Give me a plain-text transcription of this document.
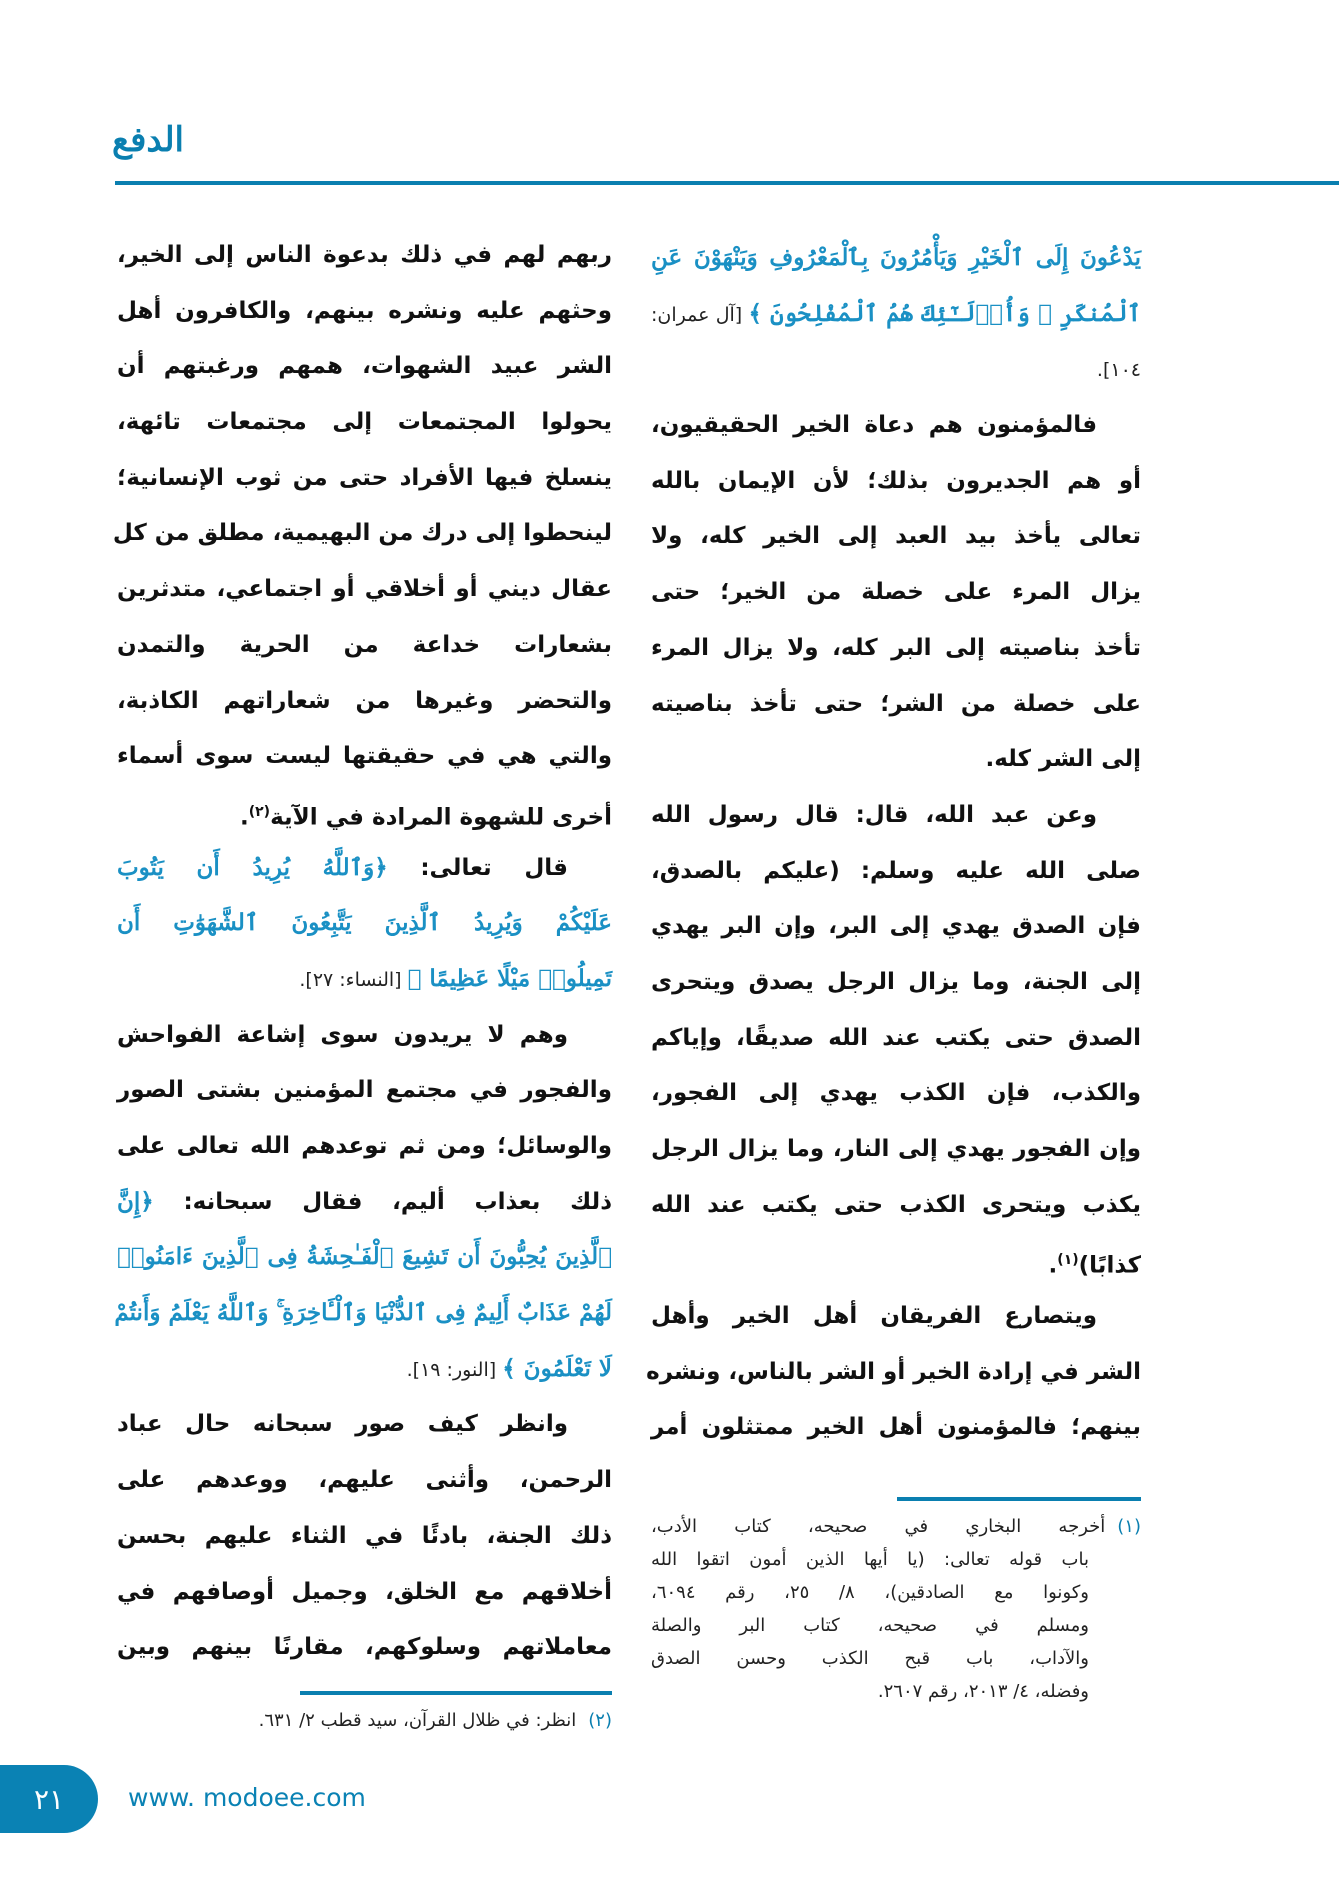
الدفع
يَدْعُونَ إِلَى ٱلْخَيْرِ وَيَأْمُرُونَ بِٱلْمَعْرُوفِ وَيَنْهَوْنَ عَنِ
ٱلْمُنكَرِ ۚ وَأُو۟لَـٰٓئِكَ هُمُ ٱلْمُفْلِحُونَ ﴾ [آل عمران:
١٠٤].
فالمؤمنون هم دعاة الخير الحقيقيون،
أو هم الجديرون بذلك؛ لأن الإيمان بالله
تعالى يأخذ بيد العبد إلى الخير كله، ولا
يزال المرء على خصلة من الخير؛ حتى
تأخذ بناصيته إلى البر كله، ولا يزال المرء
على خصلة من الشر؛ حتى تأخذ بناصيته
إلى الشر كله.
وعن عبد الله، قال: قال رسول الله
صلى الله عليه وسلم: (عليكم بالصدق،
فإن الصدق يهدي إلى البر، وإن البر يهدي
إلى الجنة، وما يزال الرجل يصدق ويتحرى
الصدق حتى يكتب عند الله صديقًا، وإياكم
والكذب، فإن الكذب يهدي إلى الفجور،
وإن الفجور يهدي إلى النار، وما يزال الرجل
يكذب ويتحرى الكذب حتى يكتب عند الله
كذابًا)$^{(١)}$.
ويتصارع الفريقان أهل الخير وأهل
الشر في إرادة الخير أو الشر بالناس، ونشره
بينهم؛ فالمؤمنون أهل الخير ممتثلون أمر
ربهم لهم في ذلك بدعوة الناس إلى الخير،
وحثهم عليه ونشره بينهم، والكافرون أهل
الشر عبيد الشهوات، همهم ورغبتهم أن
يحولوا المجتمعات إلى مجتمعات تائهة،
ينسلخ فيها الأفراد حتى من ثوب الإنسانية؛
لينحطوا إلى درك من البهيمية، مطلق من كل
عقال ديني أو أخلاقي أو اجتماعي، متدثرين
بشعارات خداعة من الحرية والتمدن
والتحضر وغيرها من شعاراتهم الكاذبة،
والتي هي في حقيقتها ليست سوى أسماء
أخرى للشهوة المرادة في الآية$^{(٢)}$.
قال تعالى: ﴿وَٱللَّهُ يُرِيدُ أَن يَتُوبَ
عَلَيْكُمْ وَيُرِيدُ ٱلَّذِينَ يَتَّبِعُونَ ٱلشَّهَوَٰتِ أَن
تَمِيلُوا۟ مَيْلًا عَظِيمًا ﴾ [النساء: ٢٧].
وهم لا يريدون سوى إشاعة الفواحش
والفجور في مجتمع المؤمنين بشتى الصور
والوسائل؛ ومن ثم توعدهم الله تعالى على
ذلك بعذاب أليم، فقال سبحانه: ﴿إِنَّ
ٱلَّذِينَ يُحِبُّونَ أَن تَشِيعَ ٱلْفَـٰحِشَةُ فِى ٱلَّذِينَ ءَامَنُوا۟
لَهُمْ عَذَابٌ أَلِيمٌ فِى ٱلدُّنْيَا وَٱلْـَٔاخِرَةِ ۚ وَٱللَّهُ يَعْلَمُ وَأَنتُمْ
لَا تَعْلَمُونَ ﴾ [النور: ١٩].
وانظر كيف صور سبحانه حال عباد
الرحمن، وأثنى عليهم، ووعدهم على
ذلك الجنة، بادئًا في الثناء عليهم بحسن
أخلاقهم مع الخلق، وجميل أوصافهم في
معاملاتهم وسلوكهم، مقارنًا بينهم وبين
(١)أخرجه البخاري في صحيحه، كتاب الأدب،
باب قوله تعالى: (يا أيها الذين أمون اتقوا الله
وكونوا مع الصادقين)، ٨/ ٢٥، رقم ٦٠٩٤،
ومسلم في صحيحه، كتاب البر والصلة
والآداب، باب قبح الكذب وحسن الصدق
وفضله، ٤/ ٢٠١٣، رقم ٢٦٠٧.
(٢)انظر: في ظلال القرآن، سيد قطب ٢/ ٦٣١.
٢١	www. modoee.com
